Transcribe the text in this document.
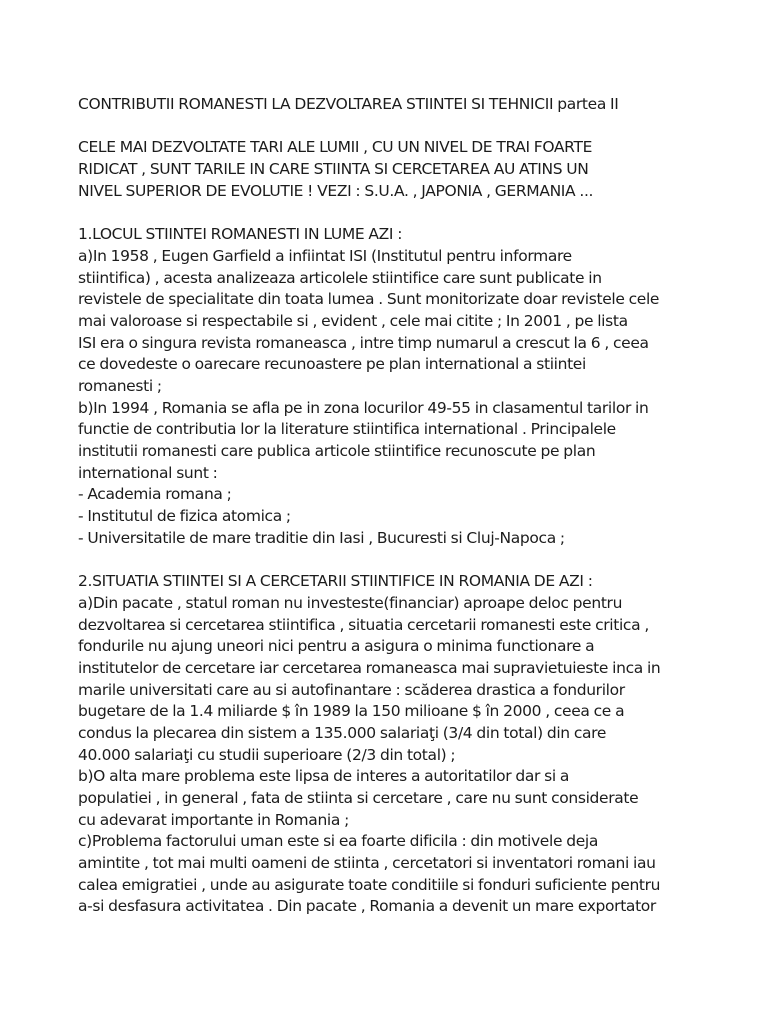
CONTRIBUTII ROMANESTI LA DEZVOLTAREA STIINTEI SI TEHNICII partea II
CELE MAI DEZVOLTATE TARI ALE LUMII , CU UN NIVEL DE TRAI FOARTE
RIDICAT , SUNT TARILE IN CARE STIINTA SI CERCETAREA AU ATINS UN
NIVEL SUPERIOR DE EVOLUTIE ! VEZI : S.U.A. , JAPONIA , GERMANIA ...
1.LOCUL STIINTEI ROMANESTI IN LUME AZI :
a)In 1958 , Eugen Garfield a infiintat ISI (Institutul pentru informare
stiintifica) , acesta analizeaza articolele stiintifice care sunt publicate in
revistele de specialitate din toata lumea . Sunt monitorizate doar revistele cele
mai valoroase si respectabile si , evident , cele mai citite ; In 2001 , pe lista
ISI era o singura revista romaneasca , intre timp numarul a crescut la 6 , ceea
ce dovedeste o oarecare recunoastere pe plan international a stiintei
romanesti ;
b)In 1994 , Romania se afla pe in zona locurilor 49-55 in clasamentul tarilor in
functie de contributia lor la literature stiintifica international . Principalele
institutii romanesti care publica articole stiintifice recunoscute pe plan
international sunt :
- Academia romana ;
- Institutul de fizica atomica ;
- Universitatile de mare traditie din Iasi , Bucuresti si Cluj-Napoca ;
2.SITUATIA STIINTEI SI A CERCETARII STIINTIFICE IN ROMANIA DE AZI :
a)Din pacate , statul roman nu investeste(financiar) aproape deloc pentru
dezvoltarea si cercetarea stiintifica , situatia cercetarii romanesti este critica ,
fondurile nu ajung uneori nici pentru a asigura o minima functionare a
institutelor de cercetare iar cercetarea romaneasca mai supravietuieste inca in
marile universitati care au si autofinantare : scăderea drastica a fondurilor
bugetare de la 1.4 miliarde $ în 1989 la 150 milioane $ în 2000 , ceea ce a
condus la plecarea din sistem a 135.000 salariaţi (3/4 din total) din care
40.000 salariaţi cu studii superioare (2/3 din total) ;
b)O alta mare problema este lipsa de interes a autoritatilor dar si a
populatiei , in general , fata de stiinta si cercetare , care nu sunt considerate
cu adevarat importante in Romania ;
c)Problema factorului uman este si ea foarte dificila : din motivele deja
amintite , tot mai multi oameni de stiinta , cercetatori si inventatori romani iau
calea emigratiei , unde au asigurate toate conditiile si fonduri suficiente pentru
a-si desfasura activitatea . Din pacate , Romania a devenit un mare exportator
